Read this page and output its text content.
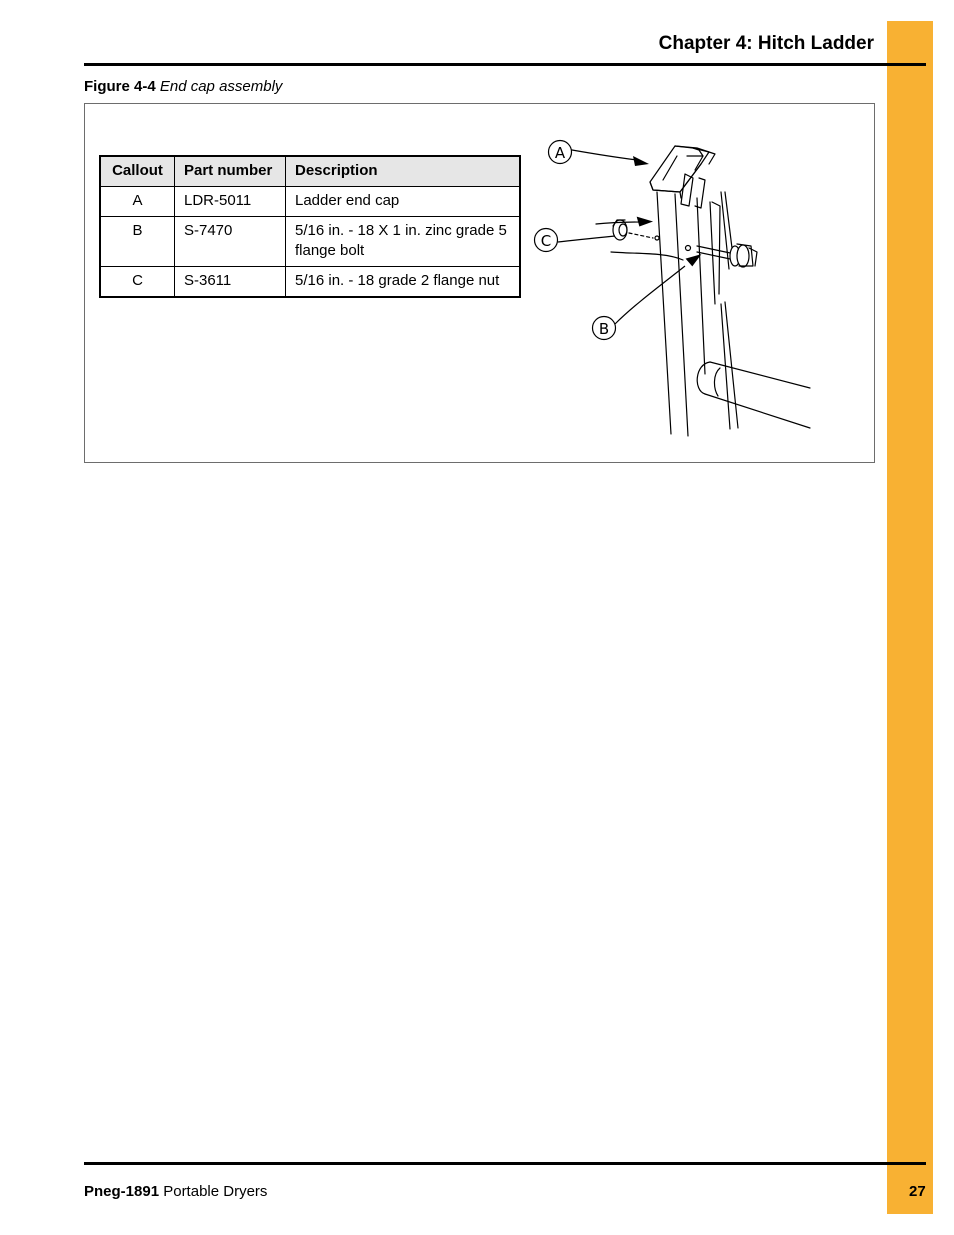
Chapter 4: Hitch Ladder
Figure 4-4 End cap assembly
Callout	Part number	Description
A	LDR-5011	Ladder end cap
B	S-7470	5/16 in. - 18 X 1 in. zinc grade 5 flange bolt
C	S-3611	5/16 in. - 18 grade 2 flange nut
A
C
B
Pneg-1891 Portable Dryers	27
